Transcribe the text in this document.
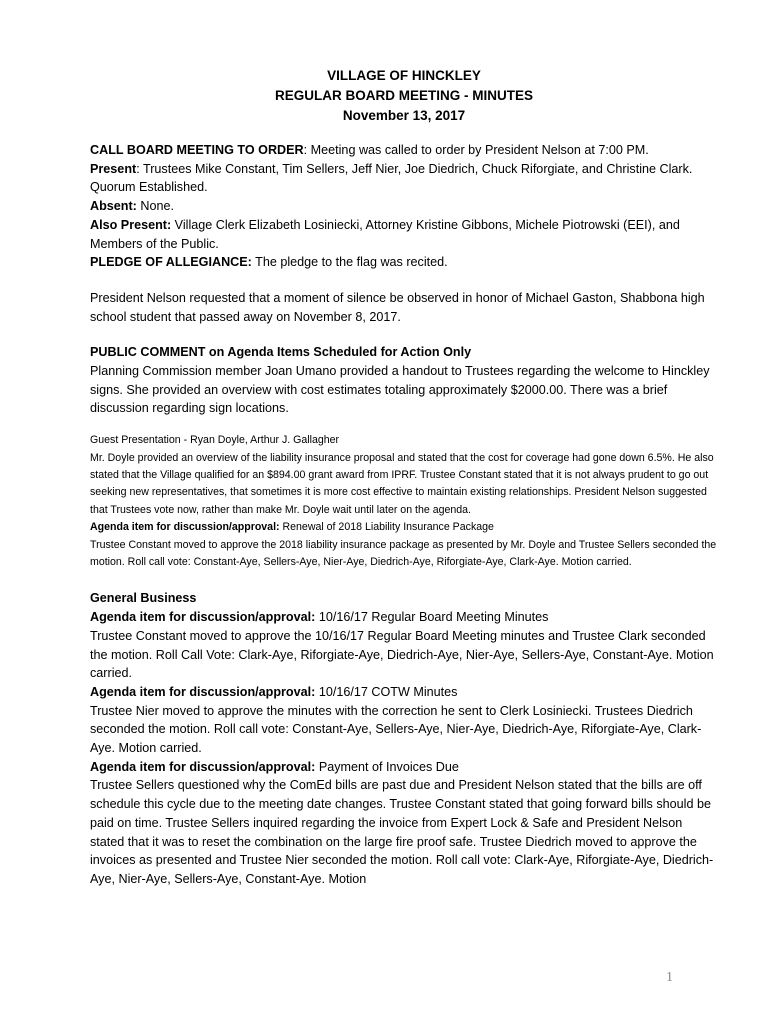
VILLAGE OF HINCKLEY
REGULAR BOARD MEETING - MINUTES
November 13, 2017

CALL BOARD MEETING TO ORDER: Meeting was called to order by President Nelson at 7:00 PM.

Present: Trustees Mike Constant, Tim Sellers, Jeff Nier, Joe Diedrich, Chuck Riforgiate, and Christine Clark. Quorum Established.

Absent: None.

Also Present: Village Clerk Elizabeth Losiniecki, Attorney Kristine Gibbons, Michele Piotrowski (EEI), and Members of the Public.

PLEDGE OF ALLEGIANCE: The pledge to the flag was recited.

President Nelson requested that a moment of silence be observed in honor of Michael Gaston, Shabbona high school student that passed away on November 8, 2017.

PUBLIC COMMENT on Agenda Items Scheduled for Action Only

Planning Commission member Joan Umano provided a handout to Trustees regarding the welcome to Hinckley signs. She provided an overview with cost estimates totaling approximately $2000.00. There was a brief discussion regarding sign locations.

Guest Presentation - Ryan Doyle, Arthur J. Gallagher

Mr. Doyle provided an overview of the liability insurance proposal and stated that the cost for coverage had gone down 6.5%. He also stated that the Village qualified for an $894.00 grant award from IPRF. Trustee Constant stated that it is not always prudent to go out seeking new representatives, that sometimes it is more cost effective to maintain existing relationships. President Nelson suggested that Trustees vote now, rather than make Mr. Doyle wait until later on the agenda.

Agenda item for discussion/approval: Renewal of 2018 Liability Insurance Package

Trustee Constant moved to approve the 2018 liability insurance package as presented by Mr. Doyle and Trustee Sellers seconded the motion. Roll call vote: Constant-Aye, Sellers-Aye, Nier-Aye, Diedrich-Aye, Riforgiate-Aye, Clark-Aye. Motion carried.

General Business

Agenda item for discussion/approval: 10/16/17 Regular Board Meeting Minutes

Trustee Constant moved to approve the 10/16/17 Regular Board Meeting minutes and Trustee Clark seconded the motion. Roll Call Vote: Clark-Aye, Riforgiate-Aye, Diedrich-Aye, Nier-Aye, Sellers-Aye, Constant-Aye. Motion carried.

Agenda item for discussion/approval: 10/16/17 COTW Minutes

Trustee Nier moved to approve the minutes with the correction he sent to Clerk Losiniecki. Trustees Diedrich seconded the motion. Roll call vote: Constant-Aye, Sellers-Aye, Nier-Aye, Diedrich-Aye, Riforgiate-Aye, Clark-Aye. Motion carried.

Agenda item for discussion/approval: Payment of Invoices Due

Trustee Sellers questioned why the ComEd bills are past due and President Nelson stated that the bills are off schedule this cycle due to the meeting date changes. Trustee Constant stated that going forward bills should be paid on time. Trustee Sellers inquired regarding the invoice from Expert Lock & Safe and President Nelson stated that it was to reset the combination on the large fire proof safe. Trustee Diedrich moved to approve the invoices as presented and Trustee Nier seconded the motion. Roll call vote: Clark-Aye, Riforgiate-Aye, Diedrich-Aye, Nier-Aye, Sellers-Aye, Constant-Aye. Motion

1
